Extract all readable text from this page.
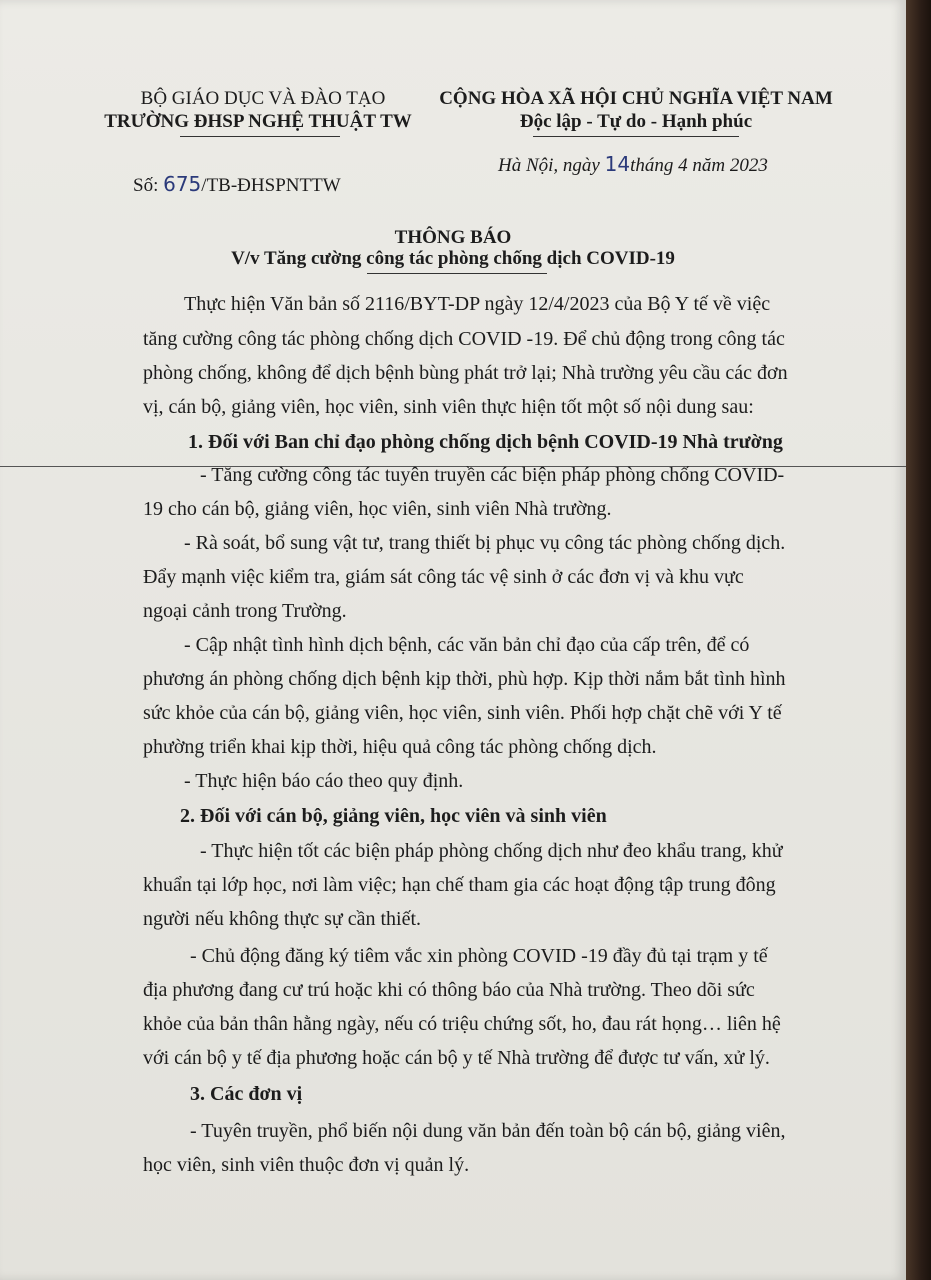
BỘ GIÁO DỤC VÀ ĐÀO TẠO
TRƯỜNG ĐHSP NGHỆ THUẬT TW
CỘNG HÒA XÃ HỘI CHỦ NGHĨA VIỆT NAM
Độc lập - Tự do - Hạnh phúc
Hà Nội, ngày 14tháng 4 năm 2023
Số: 675/TB-ĐHSPNTTW
THÔNG BÁO
V/v Tăng cường công tác phòng chống dịch COVID-19
Thực hiện Văn bản số 2116/BYT-DP ngày 12/4/2023 của Bộ Y tế về việc
tăng cường công tác phòng chống dịch COVID -19. Để chủ động trong công tác
phòng chống, không để dịch bệnh bùng phát trở lại; Nhà trường yêu cầu các đơn
vị, cán bộ, giảng viên, học viên, sinh viên thực hiện tốt một số nội dung sau:
1. Đối với Ban chỉ đạo phòng chống dịch bệnh COVID-19 Nhà trường
- Tăng cường công tác tuyên truyền các biện pháp phòng chống COVID-
19 cho cán bộ, giảng viên, học viên, sinh viên Nhà trường.
- Rà soát, bổ sung vật tư, trang thiết bị phục vụ công tác phòng chống dịch.
Đẩy mạnh việc kiểm tra, giám sát công tác vệ sinh ở các đơn vị và khu vực
ngoại cảnh trong Trường.
- Cập nhật tình hình dịch bệnh, các văn bản chỉ đạo của cấp trên, để có
phương án phòng chống dịch bệnh kịp thời, phù hợp. Kịp thời nắm bắt tình hình
sức khỏe của cán bộ, giảng viên, học viên, sinh viên. Phối hợp chặt chẽ với Y tế
phường triển khai kịp thời, hiệu quả công tác phòng chống dịch.
- Thực hiện báo cáo theo quy định.
2. Đối với cán bộ, giảng viên, học viên và sinh viên
- Thực hiện tốt các biện pháp phòng chống dịch như đeo khẩu trang, khử
khuẩn tại lớp học, nơi làm việc; hạn chế tham gia các hoạt động tập trung đông
người nếu không thực sự cần thiết.
- Chủ động đăng ký tiêm vắc xin phòng COVID -19 đầy đủ tại trạm y tế
địa phương đang cư trú hoặc khi có thông báo của Nhà trường. Theo dõi sức
khỏe của bản thân hằng ngày, nếu có triệu chứng sốt, ho, đau rát họng… liên hệ
với cán bộ y tế địa phương hoặc cán bộ y tế Nhà trường để được tư vấn, xử lý.
3. Các đơn vị
- Tuyên truyền, phổ biến nội dung văn bản đến toàn bộ cán bộ, giảng viên,
học viên, sinh viên thuộc đơn vị quản lý.
